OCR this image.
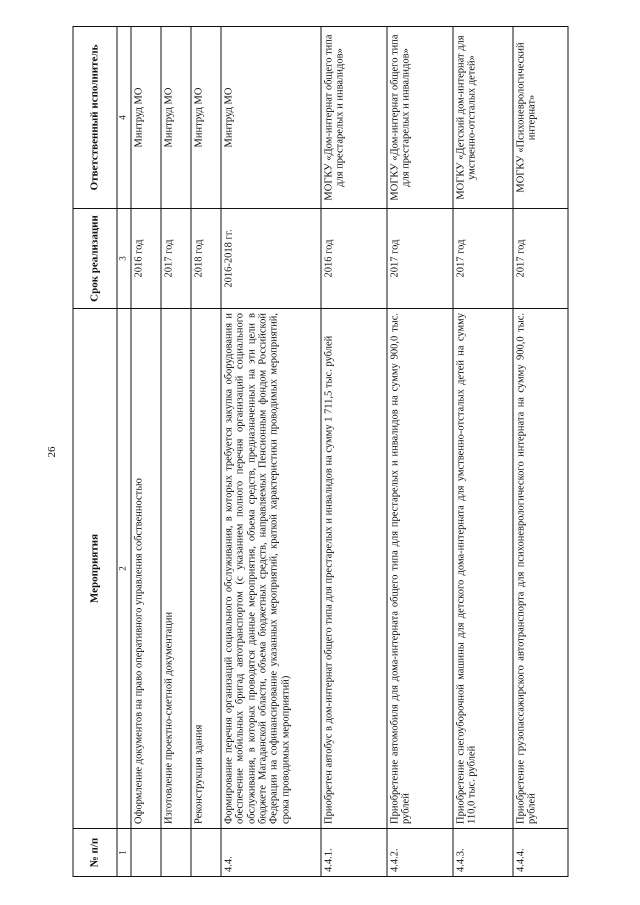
26
№ п/п	Мероприятия	Срок реализации	Ответственный исполнитель
1	2	3	4
	Оформление документов на право оперативного управления собственностью	2016 год	Минтруд МО
	Изготовление проектно-сметной документации	2017 год	Минтруд МО
	Реконструкция здания	2018 год	Минтруд МО
4.4.	Формирование перечня организаций социального обслуживания, в которых требуется закупка оборудования и обеспечение мобильных бригад автотранспортом (с указанием полного перечня организаций социального обслуживания, в которых проводятся данные мероприятия, объема средств, предназначенных на эти цели в бюджете Магаданской области, объема бюджетных средств, направляемых Пенсионным фондом Российской Федерации на софинансирование указанных мероприятий, краткой характеристики проводимых мероприятий, срока проводимых мероприятий)	2016-2018 гг.	Минтруд МО
4.4.1.	Приобретен автобус в дом-интернат общего типа для престарелых и инвалидов на сумму 1 711,5 тыс. рублей	2016 год	МОГКУ «Дом-интернат общего типа для престарелых и инвалидов»
4.4.2.	Приобретение автомобиля для дома-интерната общего типа для престарелых и инвалидов на сумму 900,0 тыс. рублей	2017 год	МОГКУ «Дом-интернат общего типа для престарелых и инвалидов»
4.4.3.	Приобретение снегоуборочной машины для детского дома-интерната для умственно-отсталых детей на сумму 110,0 тыс. рублей	2017 год	МОГКУ «Детский дом-интернат для умственно-отсталых детей»
4.4.4.	Приобретение грузопассажирского автотранспорта для психоневрологического интерната на сумму 900,0 тыс. рублей	2017 год	МОГКУ «Психоневрологический интернат»
